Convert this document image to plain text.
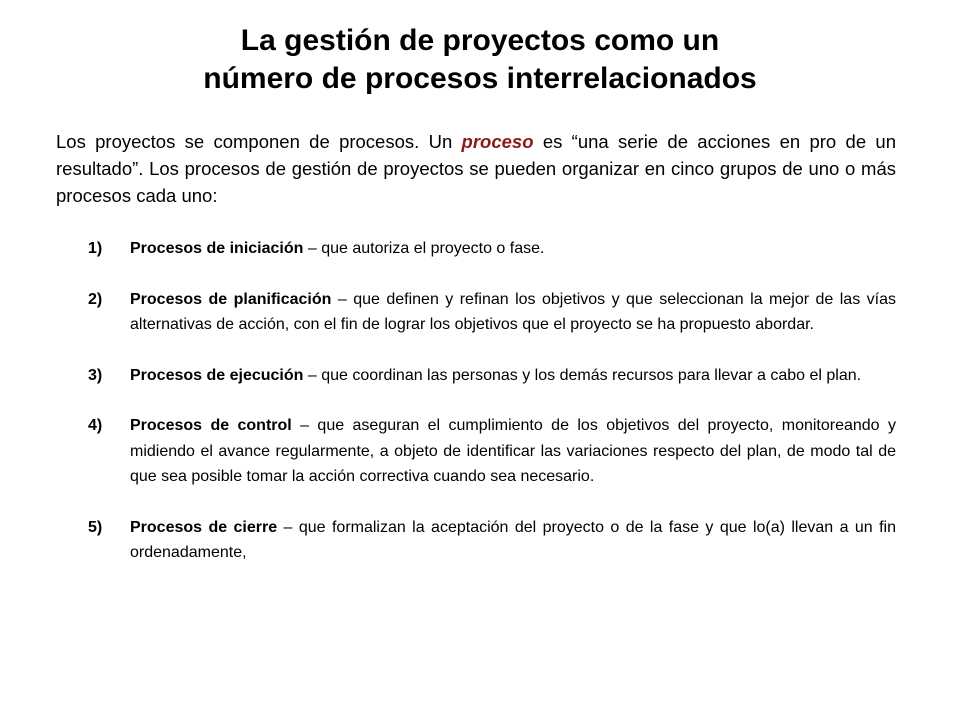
La gestión de proyectos como un
número de procesos interrelacionados

Los proyectos se componen de procesos. Un proceso es “una serie de acciones en pro de un resultado”. Los procesos de gestión de proyectos se pueden organizar en cinco grupos de uno o más procesos cada uno:

1) Procesos de iniciación – que autoriza el proyecto o fase.
2) Procesos de planificación – que definen y refinan los objetivos y que seleccionan la mejor de las vías alternativas de acción, con el fin de lograr los objetivos que el proyecto se ha propuesto abordar.
3) Procesos de ejecución – que coordinan las personas y los demás recursos para llevar a cabo el plan.
4) Procesos de control – que aseguran el cumplimiento de los objetivos del proyecto, monitoreando y midiendo el avance regularmente, a objeto de identificar las variaciones respecto del plan, de modo tal de que sea posible tomar la acción correctiva cuando sea necesario.
5) Procesos de cierre – que formalizan la aceptación del proyecto o de la fase y que lo(a) llevan a un fin ordenadamente,
